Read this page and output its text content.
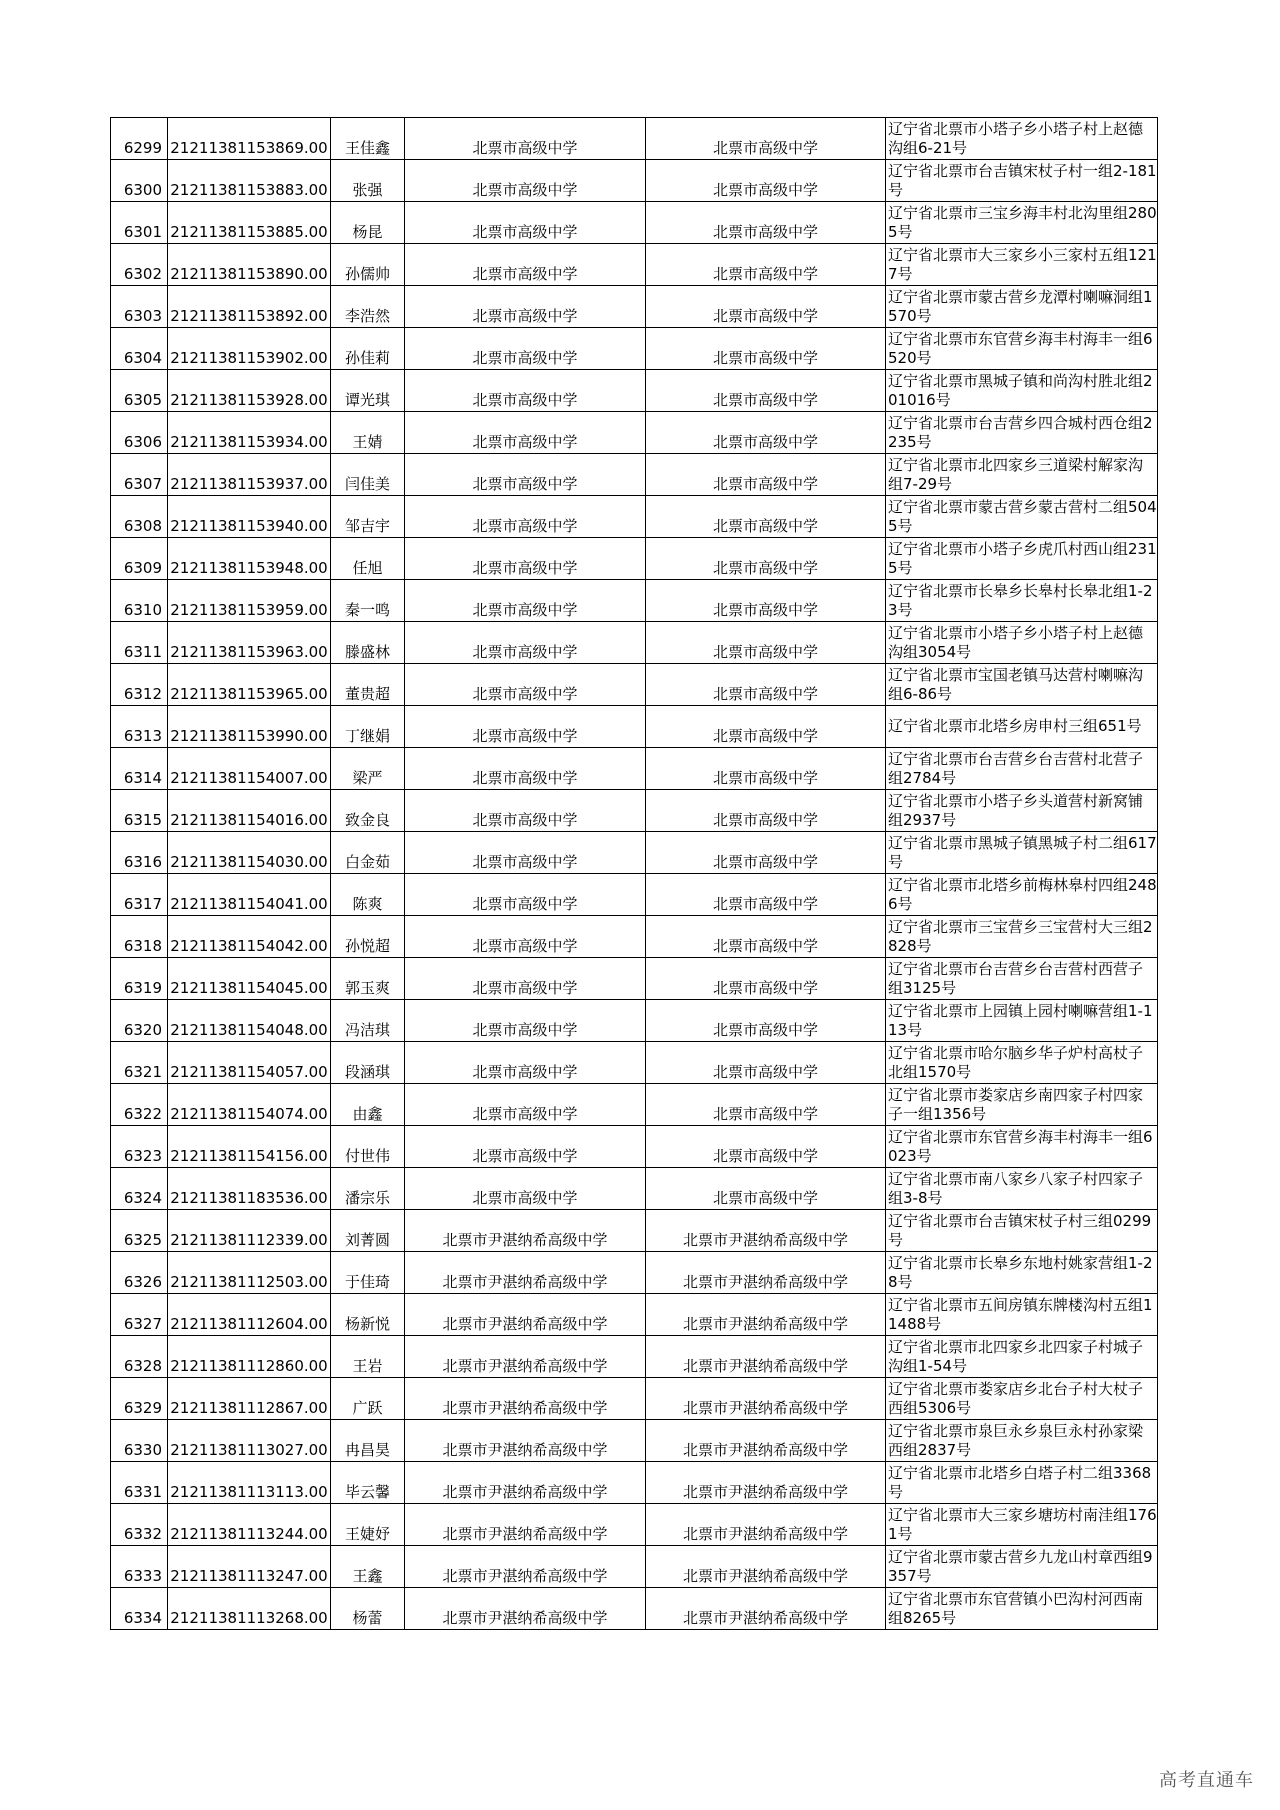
6299	21211381153869.00	王佳鑫	北票市高级中学	北票市高级中学	辽宁省北票市小塔子乡小塔子村上赵德沟组6-21号
6300	21211381153883.00	张强	北票市高级中学	北票市高级中学	辽宁省北票市台吉镇宋杖子村一组2-181号
6301	21211381153885.00	杨昆	北票市高级中学	北票市高级中学	辽宁省北票市三宝乡海丰村北沟里组2805号
6302	21211381153890.00	孙儒帅	北票市高级中学	北票市高级中学	辽宁省北票市大三家乡小三家村五组1217号
6303	21211381153892.00	李浩然	北票市高级中学	北票市高级中学	辽宁省北票市蒙古营乡龙潭村喇嘛洞组1570号
6304	21211381153902.00	孙佳莉	北票市高级中学	北票市高级中学	辽宁省北票市东官营乡海丰村海丰一组6520号
6305	21211381153928.00	谭光琪	北票市高级中学	北票市高级中学	辽宁省北票市黑城子镇和尚沟村胜北组201016号
6306	21211381153934.00	王婧	北票市高级中学	北票市高级中学	辽宁省北票市台吉营乡四合城村西仓组2235号
6307	21211381153937.00	闫佳美	北票市高级中学	北票市高级中学	辽宁省北票市北四家乡三道梁村解家沟组7-29号
6308	21211381153940.00	邹吉宇	北票市高级中学	北票市高级中学	辽宁省北票市蒙古营乡蒙古营村二组5045号
6309	21211381153948.00	任旭	北票市高级中学	北票市高级中学	辽宁省北票市小塔子乡虎爪村西山组2315号
6310	21211381153959.00	秦一鸣	北票市高级中学	北票市高级中学	辽宁省北票市长皋乡长皋村长皋北组1-23号
6311	21211381153963.00	滕盛林	北票市高级中学	北票市高级中学	辽宁省北票市小塔子乡小塔子村上赵德沟组3054号
6312	21211381153965.00	董贵超	北票市高级中学	北票市高级中学	辽宁省北票市宝国老镇马达营村喇嘛沟组6-86号
6313	21211381153990.00	丁继娟	北票市高级中学	北票市高级中学	辽宁省北票市北塔乡房申村三组651号
6314	21211381154007.00	梁严	北票市高级中学	北票市高级中学	辽宁省北票市台吉营乡台吉营村北营子组2784号
6315	21211381154016.00	致金良	北票市高级中学	北票市高级中学	辽宁省北票市小塔子乡头道营村新窝铺组2937号
6316	21211381154030.00	白金茹	北票市高级中学	北票市高级中学	辽宁省北票市黑城子镇黑城子村二组617号
6317	21211381154041.00	陈爽	北票市高级中学	北票市高级中学	辽宁省北票市北塔乡前梅林皋村四组2486号
6318	21211381154042.00	孙悦超	北票市高级中学	北票市高级中学	辽宁省北票市三宝营乡三宝营村大三组2828号
6319	21211381154045.00	郭玉爽	北票市高级中学	北票市高级中学	辽宁省北票市台吉营乡台吉营村西营子组3125号
6320	21211381154048.00	冯洁琪	北票市高级中学	北票市高级中学	辽宁省北票市上园镇上园村喇嘛营组1-113号
6321	21211381154057.00	段涵琪	北票市高级中学	北票市高级中学	辽宁省北票市哈尔脑乡华子炉村高杖子北组1570号
6322	21211381154074.00	由鑫	北票市高级中学	北票市高级中学	辽宁省北票市娄家店乡南四家子村四家子一组1356号
6323	21211381154156.00	付世伟	北票市高级中学	北票市高级中学	辽宁省北票市东官营乡海丰村海丰一组6023号
6324	21211381183536.00	潘宗乐	北票市高级中学	北票市高级中学	辽宁省北票市南八家乡八家子村四家子组3-8号
6325	21211381112339.00	刘菁圆	北票市尹湛纳希高级中学	北票市尹湛纳希高级中学	辽宁省北票市台吉镇宋杖子村三组0299号
6326	21211381112503.00	于佳琦	北票市尹湛纳希高级中学	北票市尹湛纳希高级中学	辽宁省北票市长皋乡东地村姚家营组1-28号
6327	21211381112604.00	杨新悦	北票市尹湛纳希高级中学	北票市尹湛纳希高级中学	辽宁省北票市五间房镇东牌楼沟村五组11488号
6328	21211381112860.00	王岩	北票市尹湛纳希高级中学	北票市尹湛纳希高级中学	辽宁省北票市北四家乡北四家子村城子沟组1-54号
6329	21211381112867.00	广跃	北票市尹湛纳希高级中学	北票市尹湛纳希高级中学	辽宁省北票市娄家店乡北台子村大杖子西组5306号
6330	21211381113027.00	冉昌昊	北票市尹湛纳希高级中学	北票市尹湛纳希高级中学	辽宁省北票市泉巨永乡泉巨永村孙家梁西组2837号
6331	21211381113113.00	毕云馨	北票市尹湛纳希高级中学	北票市尹湛纳希高级中学	辽宁省北票市北塔乡白塔子村二组3368号
6332	21211381113244.00	王婕妤	北票市尹湛纳希高级中学	北票市尹湛纳希高级中学	辽宁省北票市大三家乡塘坊村南洼组1761号
6333	21211381113247.00	王鑫	北票市尹湛纳希高级中学	北票市尹湛纳希高级中学	辽宁省北票市蒙古营乡九龙山村章西组9357号
6334	21211381113268.00	杨蕾	北票市尹湛纳希高级中学	北票市尹湛纳希高级中学	辽宁省北票市东官营镇小巴沟村河西南组8265号
高考直通车
